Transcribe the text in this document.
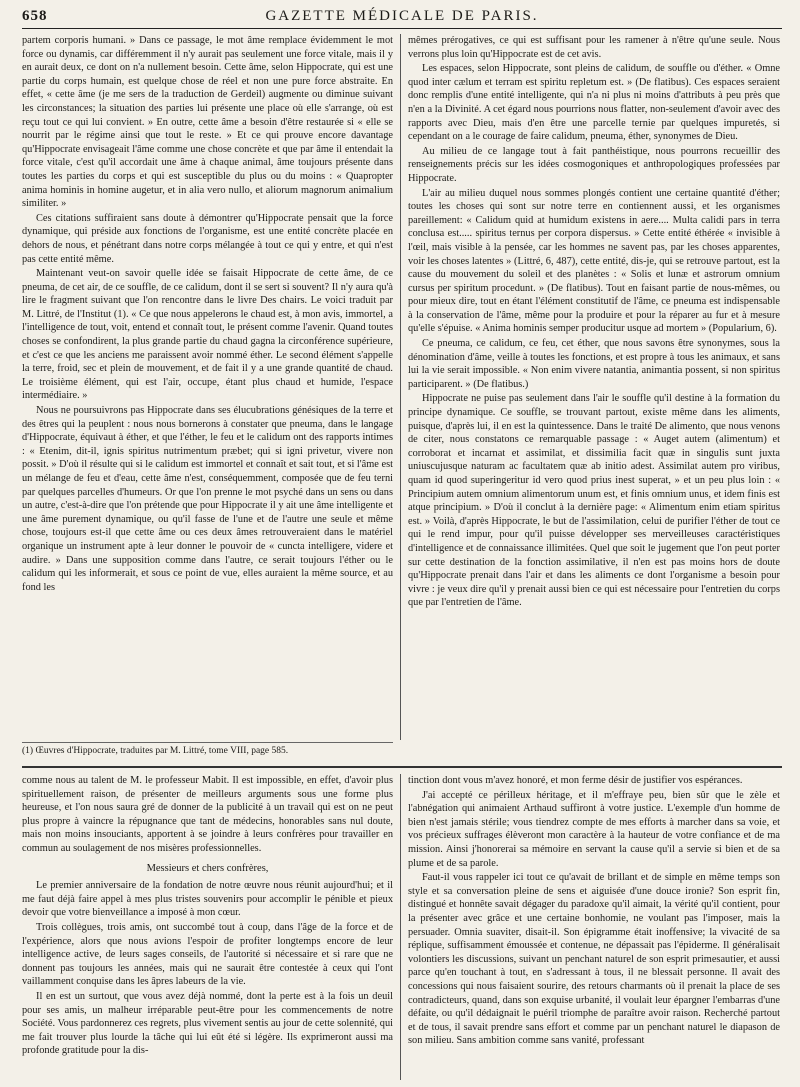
658	GAZETTE MÉDICALE DE PARIS.

partem corporis humani. » Dans ce passage, le mot âme remplace évidemment le mot force ou dynamis, car différemment il n'y aurait pas seulement une force vitale, mais il y en aurait deux, ce dont on n'a nullement besoin. Cette âme, selon Hippocrate, qui est une partie du corps humain, est quelque chose de réel et non une pure force abstraite. En effet, « cette âme (je me sers de la traduction de Gerdeil) augmente ou diminue suivant les circonstances; la situation des parties lui présente une place où elle s'arrange, où est reçu tout ce qui lui convient. » En outre, cette âme a besoin d'être restaurée si « elle se nourrit par le régime ainsi que tout le reste. » Et ce qui prouve encore davantage qu'Hippocrate envisageait l'âme comme une chose concrète et que par âme il entendait la force vitale, c'est qu'il accordait une âme à chaque animal, âme toujours présente dans toutes les parties du corps et qui est susceptible du plus ou du moins : « Quapropter anima hominis in homine augetur, et in alia vero nullo, et aliorum magnorum animalium similiter. »

Ces citations suffiraient sans doute à démontrer qu'Hippocrate pensait que la force dynamique, qui préside aux fonctions de l'organisme, est une entité concrète placée en dehors de nous, et pénétrant dans notre corps mélangée à tout ce qui y entre, et qui n'est pas cette entité même.

Maintenant veut-on savoir quelle idée se faisait Hippocrate de cette âme, de ce pneuma, de cet air, de ce souffle, de ce calidum, dont il se sert si souvent? Il n'y aura qu'à lire le fragment suivant que l'on rencontre dans le livre Des chairs. Le voici traduit par M. Littré, de l'Institut (1). « Ce que nous appelerons le chaud est, à mon avis, immortel, a l'intelligence de tout, voit, entend et connaît tout, le présent comme l'avenir. Quand toutes choses se confondirent, la plus grande partie du chaud gagna la circonférence supérieure, et c'est ce que les anciens me paraissent avoir nommé éther. Le second élément s'appelle la terre, froid, sec et plein de mouvement, et de fait il y a une grande quantité de chaud. Le troisième élément, qui est l'air, occupe, étant plus chaud et humide, l'espace intermédiaire. »

Nous ne poursuivrons pas Hippocrate dans ses élucubrations génésiques de la terre et des êtres qui la peuplent : nous nous bornerons à constater que pneuma, dans le langage d'Hippocrate, équivaut à éther, et que l'éther, le feu et le calidum ont des rapports intimes : « Etenim, dit-il, ignis spiritus nutrimentum præbet; qui si igni privetur, vivere non possit. » D'où il résulte qui si le calidum est immortel et connaît et sait tout, et si l'âme est un mélange de feu et d'eau, cette âme n'est, conséquemment, composée que de feu terni par quelques parcelles d'humeurs. Or que l'on prenne le mot psyché dans un sens ou dans un autre, c'est-à-dire que l'on prétende que pour Hippocrate il y ait une âme intelligente et une âme purement dynamique, ou qu'il fasse de l'une et de l'autre une seule et même chose, toujours est-il que cette âme ou ces deux âmes retrouveraient dans le matériel organique un instrument apte à leur donner le pouvoir de « cuncta intelligere, videre et audire. » Dans une supposition comme dans l'autre, ce serait toujours l'éther ou le calidum qui les informerait, et sous ce point de vue, elles auraient la même source, et au fond les

mêmes prérogatives, ce qui est suffisant pour les ramener à n'être qu'une seule. Nous verrons plus loin qu'Hippocrate est de cet avis.

Les espaces, selon Hippocrate, sont pleins de calidum, de souffle ou d'éther. « Omne quod inter cælum et terram est spiritu repletum est. » (De flatibus). Ces espaces seraient donc remplis d'une entité intelligente, qui n'a ni plus ni moins d'attributs à peu près que n'en a la Divinité. A cet égard nous pourrions nous flatter, non-seulement d'avoir avec des rapports avec Dieu, mais d'en être une parcelle ternie par quelques impuretés, si cependant on a le courage de faire calidum, pneuma, éther, synonymes de Dieu.

Au milieu de ce langage tout à fait panthéistique, nous pourrons recueillir des renseignements précis sur les idées cosmogoniques et anthropologiques professées par Hippocrate.

L'air au milieu duquel nous sommes plongés contient une certaine quantité d'éther; toutes les choses qui sont sur notre terre en contiennent aussi, et les organismes pareillement: « Calidum quid at humidum existens in aere.... Multa calidi pars in terra conclusa est..... spiritus ternus per corpora dispersus. » Cette entité éthérée « invisible à l'œil, mais visible à la pensée, car les hommes ne savent pas, par les choses apparentes, voir les choses latentes » (Littré, 6, 487), cette entité, dis-je, qui se retrouve partout, est la cause du mouvement du soleil et des planètes : « Solis et lunæ et astrorum omnium cursus per spiritum procedunt. » (De flatibus). Tout en faisant partie de nous-mêmes, ou pour mieux dire, tout en étant l'élément constitutif de l'âme, ce pneuma est indispensable à la conservation de l'âme, même pour la produire et pour la réparer au fur et à mesure qu'elle s'épuise. « Anima hominis semper producitur usque ad mortem » (Popularium, 6).

Ce pneuma, ce calidum, ce feu, cet éther, que nous savons être synonymes, sous la dénomination d'âme, veille à toutes les fonctions, et est propre à tous les animaux, et sans lui la vie serait impossible. « Non enim vivere natantia, animantia possent, si non spiritus participarent. » (De flatibus.)

Hippocrate ne puise pas seulement dans l'air le souffle qu'il destine à la formation du principe dynamique. Ce souffle, se trouvant partout, existe même dans les aliments, puisque, d'après lui, il en est la quintessence. Dans le traité De alimento, que nous venons de citer, nous constatons ce remarquable passage : « Auget autem (alimentum) et corroborat et incarnat et assimilat, et dissimilia facit quæ in singulis sunt juxta uniuscujusque naturam ac facultatem quæ ab initio adest. Assimilat autem pro viribus, quam id quod superingeritur id vero quod prius inest superat, » et un peu plus loin : « Principium autem omnium alimentorum unum est, et finis omnium unus, et idem finis est atque principium. » D'où il conclut à la dernière page: « Alimentum enim etiam spiritus est. » Voilà, d'après Hippocrate, le but de l'assimilation, celui de purifier l'éther de tout ce qui le rend impur, pour qu'il puisse développer ses merveilleuses caractéristiques d'intelligence et de connaissance illimitées. Quel que soit le jugement que l'on peut porter sur cette destination de la fonction assimilative, il n'en est pas moins hors de doute qu'Hippocrate prenait dans l'air et dans les aliments ce dont l'organisme a besoin pour vivre : je veux dire qu'il y prenait aussi bien ce qui est nécessaire pour l'entretien du corps que par l'entretien de l'âme.

(1) Œuvres d'Hippocrate, traduites par M. Littré, tome VIII, page 585.

comme nous au talent de M. le professeur Mabit. Il est impossible, en effet, d'avoir plus spirituellement raison, de présenter de meilleurs arguments sous une forme plus heureuse, et l'on nous saura gré de donner de la publicité à un travail qui est on ne peut plus propre à vaincre la répugnance que tant de médecins, honorables sans nul doute, mais non moins insouciants, apportent à se joindre à leurs confrères pour travailler en commun au soulagement de nos misères professionnelles.

Messieurs et chers confrères,

Le premier anniversaire de la fondation de notre œuvre nous réunit aujourd'hui; et il me faut déjà faire appel à mes plus tristes souvenirs pour accomplir le pénible et pieux devoir que votre bienveillance a imposé à mon cœur.

Trois collègues, trois amis, ont succombé tout à coup, dans l'âge de la force et de l'expérience, alors que nous avions l'espoir de profiter longtemps encore de leur intelligence active, de leurs sages conseils, de l'autorité si nécessaire et si rare que ne donnent pas toujours les années, mais qui ne saurait être contestée à ceux qui l'ont vaillamment conquise dans les âpres labeurs de la vie.

Il en est un surtout, que vous avez déjà nommé, dont la perte est à la fois un deuil pour ses amis, un malheur irréparable peut-être pour les commencements de notre Société. Vous pardonnerez ces regrets, plus vivement sentis au jour de cette solennité, qui me fait trouver plus lourde la tâche qui lui eût été si légère. Ils exprimeront aussi ma profonde gratitude pour la dis-

tinction dont vous m'avez honoré, et mon ferme désir de justifier vos espérances.

J'ai accepté ce périlleux héritage, et il m'effraye peu, bien sûr que le zèle et l'abnégation qui animaient Arthaud suffiront à votre justice. L'exemple d'un homme de bien n'est jamais stérile; vous tiendrez compte de mes efforts à marcher dans sa voie, et vos précieux suffrages élèveront mon caractère à la hauteur de votre confiance et de ma mission. Ainsi j'honorerai sa mémoire en servant la cause qu'il a servie si bien et de sa plume et de sa parole.

Faut-il vous rappeler ici tout ce qu'avait de brillant et de simple en même temps son style et sa conversation pleine de sens et aiguisée d'une douce ironie? Son esprit fin, distingué et honnête savait dégager du paradoxe qu'il aimait, la vérité qu'il contient, pour la présenter avec grâce et une certaine bonhomie, ne voulant pas l'imposer, mais la persuader. Omnia suaviter, disait-il. Son épigramme était inoffensive; la vivacité de sa réplique, suffisamment émoussée et contenue, ne dépassait pas l'épiderme. Il généralisait volontiers les discussions, suivant un penchant naturel de son esprit primesautier, et aussi parce qu'en touchant à tout, en s'adressant à tous, il ne blessait personne. Il avait des concessions qui nous faisaient sourire, des retours charmants où il prenait la place de ses contradicteurs, quand, dans son exquise urbanité, il voulait leur épargner l'embarras d'une défaite, ou qu'il dédaignait le puéril triomphe de paraître avoir raison. Recherché partout et de tous, il savait prendre sans effort et comme par un penchant naturel le diapason de son milieu. Sans ambition comme sans vanité, professant
